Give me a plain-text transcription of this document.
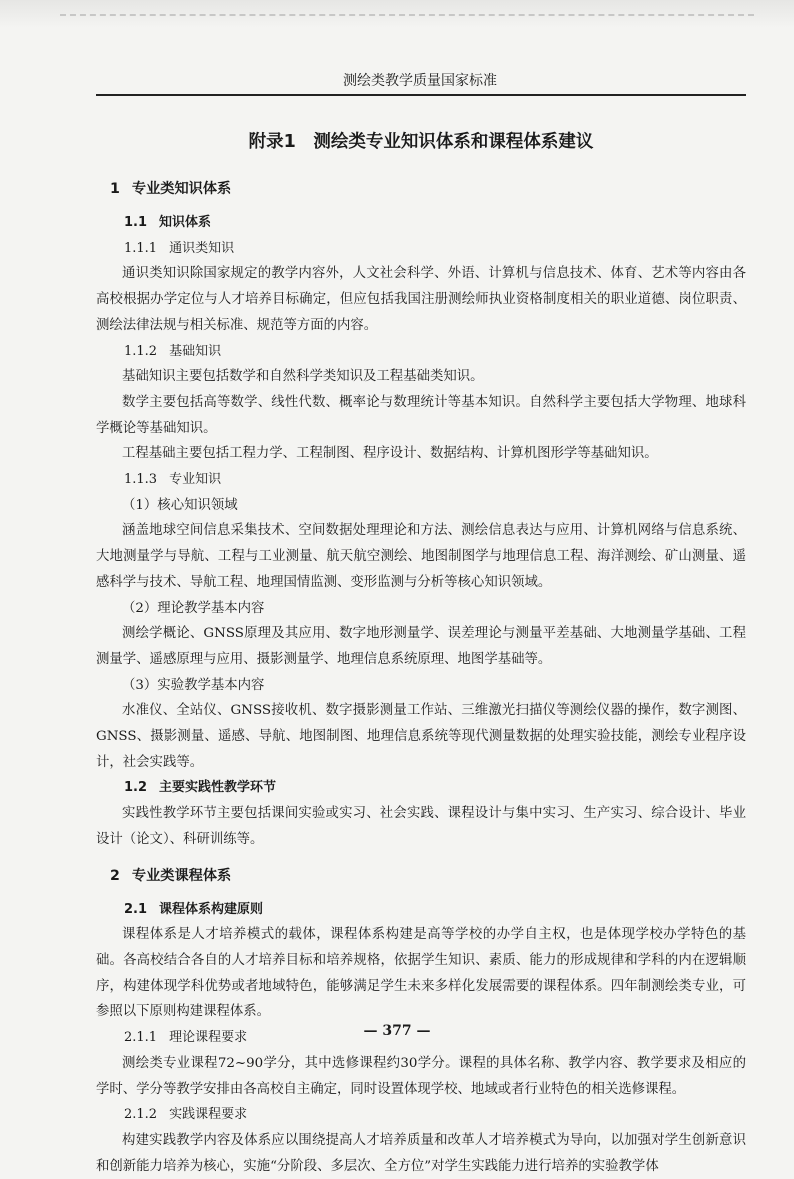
测绘类教学质量国家标准
附录1　测绘类专业知识体系和课程体系建议
1 专业类知识体系
1.1 知识体系
1.1.1 通识类知识
通识类知识除国家规定的教学内容外，人文社会科学、外语、计算机与信息技术、体育、艺术等内容由各高校根据办学定位与人才培养目标确定，但应包括我国注册测绘师执业资格制度相关的职业道德、岗位职责、测绘法律法规与相关标准、规范等方面的内容。
1.1.2 基础知识
基础知识主要包括数学和自然科学类知识及工程基础类知识。
数学主要包括高等数学、线性代数、概率论与数理统计等基本知识。自然科学主要包括大学物理、地球科学概论等基础知识。
工程基础主要包括工程力学、工程制图、程序设计、数据结构、计算机图形学等基础知识。
1.1.3 专业知识
（1）核心知识领域
涵盖地球空间信息采集技术、空间数据处理理论和方法、测绘信息表达与应用、计算机网络与信息系统、大地测量学与导航、工程与工业测量、航天航空测绘、地图制图学与地理信息工程、海洋测绘、矿山测量、遥感科学与技术、导航工程、地理国情监测、变形监测与分析等核心知识领域。
（2）理论教学基本内容
测绘学概论、GNSS原理及其应用、数字地形测量学、误差理论与测量平差基础、大地测量学基础、工程测量学、遥感原理与应用、摄影测量学、地理信息系统原理、地图学基础等。
（3）实验教学基本内容
水准仪、全站仪、GNSS接收机、数字摄影测量工作站、三维激光扫描仪等测绘仪器的操作，数字测图、GNSS、摄影测量、遥感、导航、地图制图、地理信息系统等现代测量数据的处理实验技能，测绘专业程序设计，社会实践等。
1.2 主要实践性教学环节
实践性教学环节主要包括课间实验或实习、社会实践、课程设计与集中实习、生产实习、综合设计、毕业设计（论文）、科研训练等。
2 专业类课程体系
2.1 课程体系构建原则
课程体系是人才培养模式的载体，课程体系构建是高等学校的办学自主权，也是体现学校办学特色的基础。各高校结合各自的人才培养目标和培养规格，依据学生知识、素质、能力的形成规律和学科的内在逻辑顺序，构建体现学科优势或者地域特色，能够满足学生未来多样化发展需要的课程体系。四年制测绘类专业，可参照以下原则构建课程体系。
2.1.1 理论课程要求
测绘类专业课程72~90学分，其中选修课程约30学分。课程的具体名称、教学内容、教学要求及相应的学时、学分等教学安排由各高校自主确定，同时设置体现学校、地域或者行业特色的相关选修课程。
2.1.2 实践课程要求
构建实践教学内容及体系应以围绕提高人才培养质量和改革人才培养模式为导向，以加强对学生创新意识和创新能力培养为核心，实施“分阶段、多层次、全方位”对学生实践能力进行培养的实验教学体
— 377 —
